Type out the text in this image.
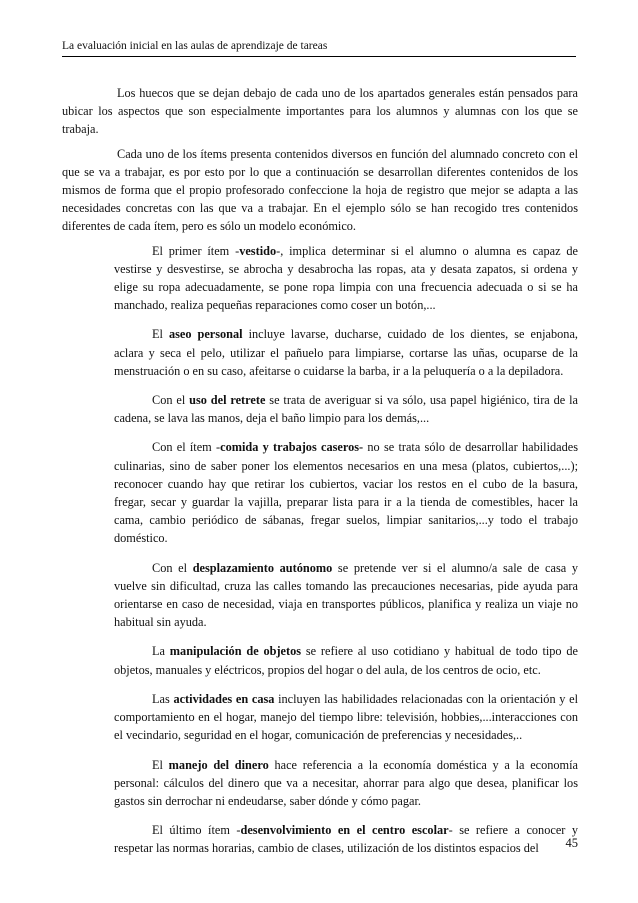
La evaluación inicial en las aulas de aprendizaje de tareas

Los huecos que se dejan debajo de cada uno de los apartados generales están pensados para ubicar los aspectos que son especialmente importantes para los alumnos y alumnas con los que se trabaja.

Cada uno de los ítems presenta contenidos diversos en función del alumnado concreto con el que se va a trabajar, es por esto por lo que a continuación se desarrollan diferentes contenidos de los mismos de forma que el propio profesorado confeccione la hoja de registro que mejor se adapta a las necesidades concretas con las que va a trabajar. En el ejemplo sólo se han recogido tres contenidos diferentes de cada ítem, pero es sólo un modelo económico.

El primer ítem -vestido-, implica determinar si el alumno o alumna es capaz de vestirse y desvestirse, se abrocha y desabrocha las ropas, ata y desata zapatos, si ordena y elige su ropa adecuadamente, se pone ropa limpia con una frecuencia adecuada o si se ha manchado, realiza pequeñas reparaciones como coser un botón,...

El aseo personal incluye lavarse, ducharse, cuidado de los dientes, se enjabona, aclara y seca el pelo, utilizar el pañuelo para limpiarse, cortarse las uñas, ocuparse de la menstruación o en su caso, afeitarse o cuidarse la barba, ir a la peluquería o a la depiladora.

Con el uso del retrete se trata de averiguar si va sólo, usa papel higiénico, tira de la cadena, se lava las manos, deja el baño limpio para los demás,...

Con el ítem -comida y trabajos caseros- no se trata sólo de desarrollar habilidades culinarias, sino de saber poner los elementos necesarios en una mesa (platos, cubiertos,...); reconocer cuando hay que retirar los cubiertos, vaciar los restos en el cubo de la basura, fregar, secar y guardar la vajilla, preparar lista para ir a la tienda de comestibles, hacer la cama, cambio periódico de sábanas, fregar suelos, limpiar sanitarios,...y todo el trabajo doméstico.

Con el desplazamiento autónomo se pretende ver si el alumno/a sale de casa y vuelve sin dificultad, cruza las calles tomando las precauciones necesarias, pide ayuda para orientarse en caso de necesidad, viaja en transportes públicos, planifica y realiza un viaje no habitual sin ayuda.

La manipulación de objetos se refiere al uso cotidiano y habitual de todo tipo de objetos, manuales y eléctricos, propios del hogar o del aula, de los centros de ocio, etc.

Las actividades en casa incluyen las habilidades relacionadas con la orientación y el comportamiento en el hogar, manejo del tiempo libre: televisión, hobbies,...interacciones con el vecindario, seguridad en el hogar, comunicación de preferencias y necesidades,..

El manejo del dinero hace referencia a la economía doméstica y a la economía personal: cálculos del dinero que va a necesitar, ahorrar para algo que desea, planificar los gastos sin derrochar ni endeudarse, saber dónde y cómo pagar.

El último ítem -desenvolvimiento en el centro escolar- se refiere a conocer y respetar las normas horarias, cambio de clases, utilización de los distintos espacios del	45
